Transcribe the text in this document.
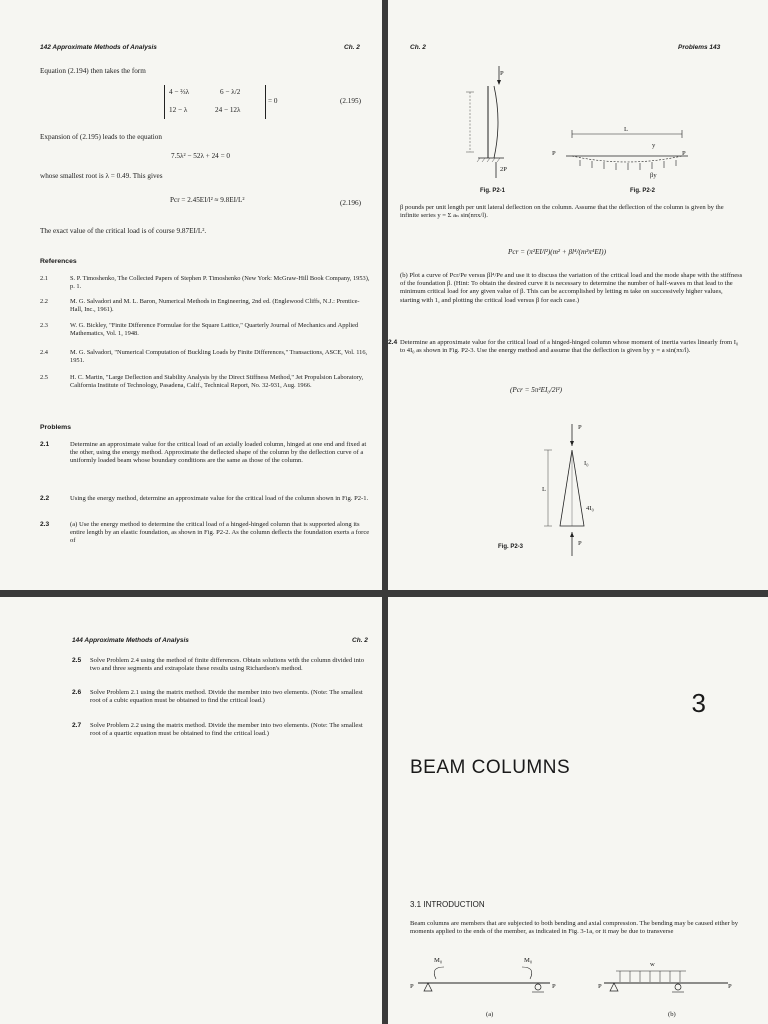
142 Approximate Methods of Analysis	Ch. 2
Equation (2.194) then takes the form
4 − ⅔λ	6 − λ/2
12 − λ	24 − 12λ
= 0	(2.195)
Expansion of (2.195) leads to the equation
7.5λ² − 52λ + 24 = 0
whose smallest root is λ = 0.49. This gives
Pcr = 2.45EI/l² ≈ 9.8EI/L²	(2.196)
The exact value of the critical load is of course 9.87EI/L².
References
2.1	S. P. Timoshenko, The Collected Papers of Stephen P. Timoshenko (New York: McGraw-Hill Book Company, 1953), p. 1.
2.2	M. G. Salvadori and M. L. Baron, Numerical Methods in Engineering, 2nd ed. (Englewood Cliffs, N.J.: Prentice-Hall, Inc., 1961).
2.3	W. G. Bickley, "Finite Difference Formulae for the Square Lattice," Quarterly Journal of Mechanics and Applied Mathematics, Vol. 1, 1948.
2.4	M. G. Salvadori, "Numerical Computation of Buckling Loads by Finite Differences," Transactions, ASCE, Vol. 116, 1951.
2.5	H. C. Martin, "Large Deflection and Stability Analysis by the Direct Stiffness Method," Jet Propulsion Laboratory, California Institute of Technology, Pasadena, Calif., Technical Report, No. 32-931, Aug. 1966.
Problems
2.1	Determine an approximate value for the critical load of an axially loaded column, hinged at one end and fixed at the other, using the energy method. Approximate the deflected shape of the column by the deflection curve of a uniformly loaded beam whose boundary conditions are the same as those of the column.
2.2	Using the energy method, determine an approximate value for the critical load of the column shown in Fig. P2-1.
2.3	(a) Use the energy method to determine the critical load of a hinged-hinged column that is supported along its entire length by an elastic foundation, as shown in Fig. P2-2. As the column deflects the foundation exerts a force of
Ch. 2	Problems 143
P
2P
Fig. P2-1
L
y
P	P
βy
Fig. P2-2
β pounds per unit length per unit lateral deflection on the column. Assume that the deflection of the column is given by the infinite series y = Σ aₙ sin(nπx/l).
Pcr = (π²EI/l²)(m² + βl⁴/(m²π⁴EI))
(b) Plot a curve of Pcr/Pe versus βl⁴/Pe and use it to discuss the variation of the critical load and the mode shape with the stiffness of the foundation β. (Hint: To obtain the desired curve it is necessary to determine the number of half-waves m that lead to the minimum critical load for any given value of β. This can be accomplished by letting m take on successively higher values, starting with 1, and plotting the critical load versus β for each case.)
2.4 Determine an approximate value for the critical load of a hinged-hinged column whose moment of inertia varies linearly from I₀ to 4I₀ as shown in Fig. P2-3. Use the energy method and assume that the deflection is given by y = a sin(πx/l).
(Pcr = 5π²EI₀/2l²)
P
I₀
4I₀
L
P
Fig. P2-3
144 Approximate Methods of Analysis	Ch. 2
2.5 Solve Problem 2.4 using the method of finite differences. Obtain solutions with the column divided into two and three segments and extrapolate these results using Richardson's method.
2.6 Solve Problem 2.1 using the matrix method. Divide the member into two elements. (Note: The smallest root of a cubic equation must be obtained to find the critical load.)
2.7 Solve Problem 2.2 using the matrix method. Divide the member into two elements. (Note: The smallest root of a quartic equation must be obtained to find the critical load.)
3
BEAM COLUMNS
3.1 INTRODUCTION
Beam columns are members that are subjected to both bending and axial compression. The bending may be caused either by moments applied to the ends of the member, as indicated in Fig. 3-1a, or it may be due to transverse
M₀	M₀
P	P
w
P	P
(a)	(b)
